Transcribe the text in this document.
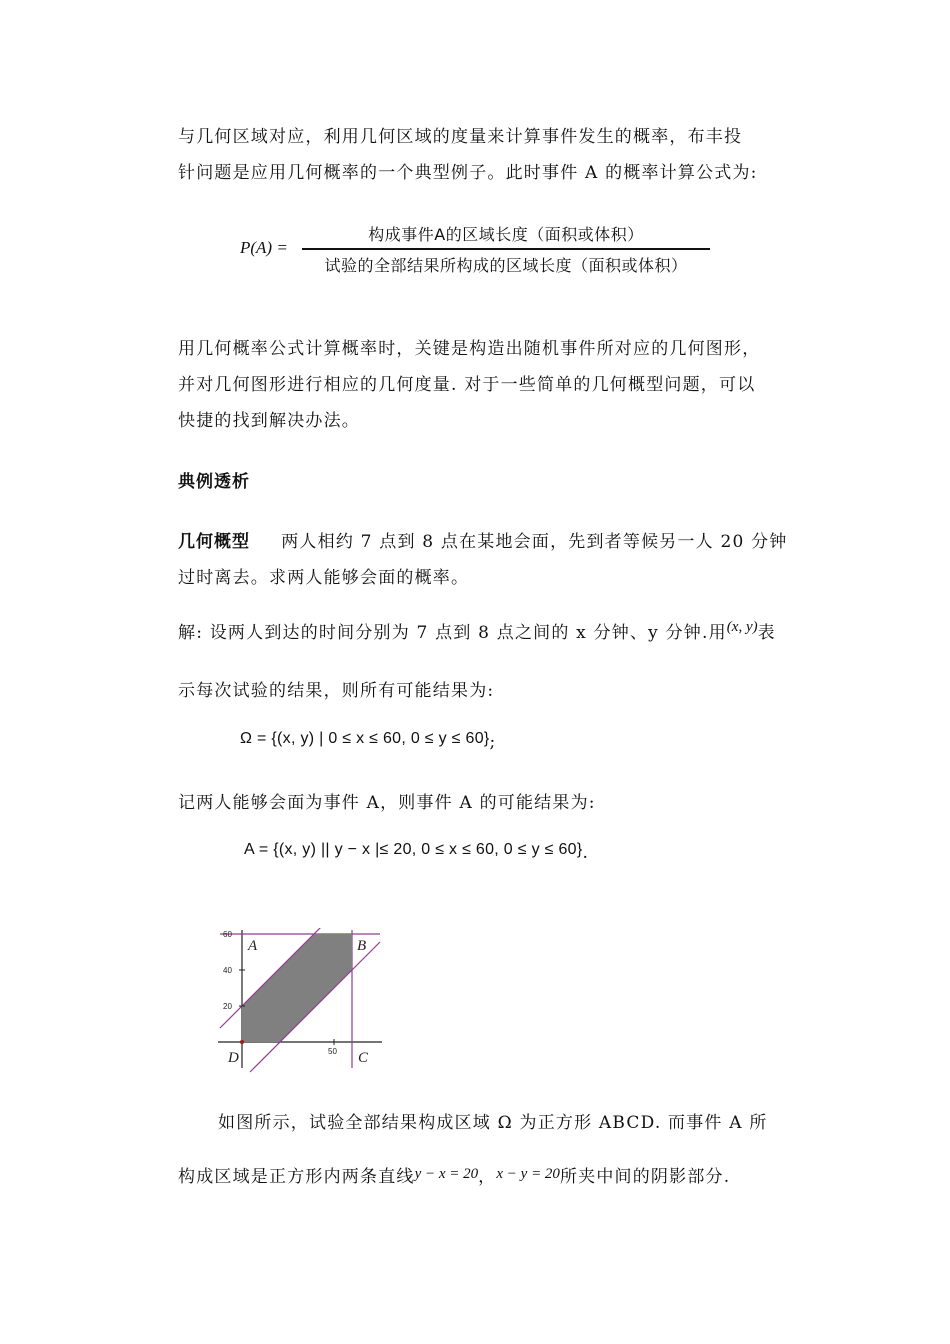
与几何区域对应，利用几何区域的度量来计算事件发生的概率，布丰投
针问题是应用几何概率的一个典型例子。此时事件 A 的概率计算公式为:
P(A) =
构成事件A的区域长度（面积或体积）
试验的全部结果所构成的区域长度（面积或体积）
用几何概率公式计算概率时，关键是构造出随机事件所对应的几何图形，
并对几何图形进行相应的几何度量. 对于一些简单的几何概型问题，可以
快捷的找到解决办法。
典例透析
几何概型 两人相约 7 点到 8 点在某地会面，先到者等候另一人 20 分钟
过时离去。求两人能够会面的概率。
解: 设两人到达的时间分别为 7 点到 8 点之间的 x 分钟、y 分钟.用(x, y)表
示每次试验的结果，则所有可能结果为:
Ω = {(x, y) | 0 ≤ x ≤ 60, 0 ≤ y ≤ 60};
记两人能够会面为事件 A，则事件 A 的可能结果为:
A = {(x, y) || y − x |≤ 20, 0 ≤ x ≤ 60, 0 ≤ y ≤ 60}.
60
40
20
50
A	B
C
D
如图所示，试验全部结果构成区域 Ω 为正方形 ABCD. 而事件 A 所
构成区域是正方形内两条直线y − x = 20，x − y = 20所夹中间的阴影部分.
